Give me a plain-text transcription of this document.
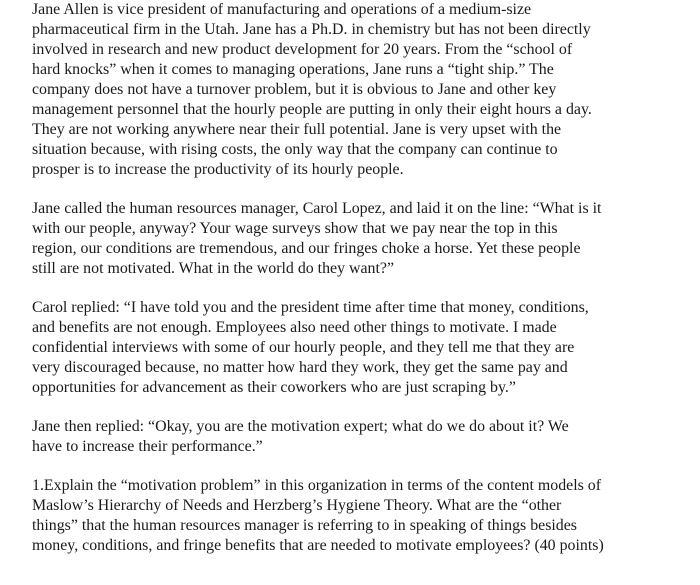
Jane Allen is vice president of manufacturing and operations of a medium-size
pharmaceutical firm in the Utah. Jane has a Ph.D. in chemistry but has not been directly
involved in research and new product development for 20 years. From the “school of
hard knocks” when it comes to managing operations, Jane runs a “tight ship.” The
company does not have a turnover problem, but it is obvious to Jane and other key
management personnel that the hourly people are putting in only their eight hours a day.
They are not working anywhere near their full potential. Jane is very upset with the
situation because, with rising costs, the only way that the company can continue to
prosper is to increase the productivity of its hourly people.
Jane called the human resources manager, Carol Lopez, and laid it on the line: “What is it
with our people, anyway? Your wage surveys show that we pay near the top in this
region, our conditions are tremendous, and our fringes choke a horse. Yet these people
still are not motivated. What in the world do they want?”
Carol replied: “I have told you and the president time after time that money, conditions,
and benefits are not enough. Employees also need other things to motivate. I made
confidential interviews with some of our hourly people, and they tell me that they are
very discouraged because, no matter how hard they work, they get the same pay and
opportunities for advancement as their coworkers who are just scraping by.”
Jane then replied: “Okay, you are the motivation expert; what do we do about it? We
have to increase their performance.”
1.Explain the “motivation problem” in this organization in terms of the content models of
Maslow’s Hierarchy of Needs and Herzberg’s Hygiene Theory. What are the “other
things” that the human resources manager is referring to in speaking of things besides
money, conditions, and fringe benefits that are needed to motivate employees? (40 points)
